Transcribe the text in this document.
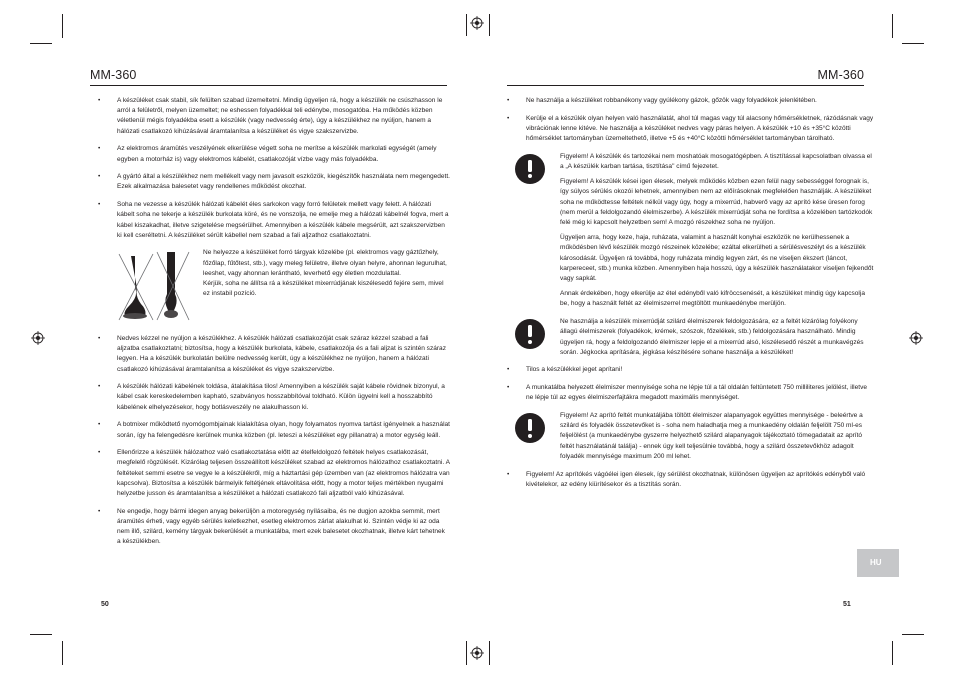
MM-360
•	A készüléket csak stabil, sík felülten szabad üzemeltetni. Mindig ügyeljen rá, hogy a készülék ne csúszhasson le arról a felületről, melyen üzemeltet; ne eshessen folyadékkal teli edénybe, mosogatóba. Ha működés közben véletlenül mégis folyadékba esett a készülék (vagy nedvesség érte), úgy a készülékhez ne nyúljon, hanem a hálózati csatlakozó kihúzásával áramtalanítsa a készüléket és vigye szakszervizbe.
•	Az elektromos áramütés veszélyének elkerülése végett soha ne merítse a készülék markolati egységét (amely egyben a motorház is) vagy elektromos kábelét, csatlakozóját vízbe vagy más folyadékba.
•	A gyártó által a készülékhez nem mellékelt vagy nem javasolt eszközök, kiegészítők használata nem megengedett. Ezek alkalmazása balesetet vagy rendellenes működést okozhat.
•	Soha ne vezesse a készülék hálózati kábelét éles sarkokon vagy forró felületek mellett vagy felett. A hálózati kábelt soha ne tekerje a készülék burkolata köré, és ne vonszolja, ne emelje meg a hálózati kábelnél fogva, mert a kábel kiszakadhat, illetve szigetelése megsérülhet. Amennyiben a készülék kábele megsérült, azt szakszervizben ki kell cseréltetni. A készüléket sérült kábellel nem szabad a fali aljzathoz csatlakoztatni.
Ne helyezze a készüléket forró tárgyak közelébe (pl. elektromos vagy gáztűzhely, főzőlap, fűtőtest, stb.), vagy meleg felületre, illetve olyan helyre, ahonnan legurulhat, leeshet, vagy ahonnan lerántható, leverhető egy életlen mozdulattal.
Kérjük, soha ne állítsa rá a készüléket mixerrúdjának kiszélesedő fejére sem, mivel ez instabil pozíció.
•	Nedves kézzel ne nyúljon a készülékhez. A készülék hálózati csatlakozóját csak száraz kézzel szabad a fali aljzatba csatlakoztatni; biztosítsa, hogy a készülék burkolata, kábele, csatlakozója és a fali aljzat is szintén száraz legyen. Ha a készülék burkolatán belülre nedvesség került, úgy a készülékhez ne nyúljon, hanem a hálózati csatlakozó kihúzásával áramtalanítsa a készüléket és vigye szakszervizbe.
•	A készülék hálózati kábelének toldása, átalakítása tilos! Amennyiben a készülék saját kábele rövidnek bizonyul, a kábel csak kereskedelemben kapható, szabványos hosszabbítóval toldható. Külön ügyelni kell a hosszabbító kábelének elhelyezésekor, hogy botlásveszély ne alakulhasson ki.
•	A botmixer működtető nyomógombjainak kialakítása olyan, hogy folyamatos nyomva tartást igényelnek a használat során, így ha felengedésre kerülnek munka közben (pl. leteszi a készüléket egy pillanatra) a motor egység leáll.
•	Ellenőrizze a készülék hálózathoz való csatlakoztatása előtt az ételfeldolgozó feltétek helyes csatlakozását, megfelelő rögzülését. Kizárólag teljesen összeállított készüléket szabad az elektromos hálózathoz csatlakoztatni. A feltéteket semmi esetre se vegye le a készülékről, míg a háztartási gép üzemben van (az elektromos hálózatra van kapcsolva). Biztosítsa a készülék bármelyik feltétjének eltávolítása előtt, hogy a motor teljes mértékben nyugalmi helyzetbe jusson és áramtalanítsa a készüléket a hálózati csatlakozó fali aljzatból való kihúzásával.
•	Ne engedje, hogy bármi idegen anyag bekerüljön a motoregység nyílásaiba, és ne dugjon azokba semmit, mert áramütés érheti, vagy egyéb sérülés keletkezhet, esetleg elektromos zárlat alakulhat ki. Szintén védje ki az oda nem illő, szilárd, kemény tárgyak bekerülését a munkatálba, mert ezek balesetet okozhatnak, illetve kárt tehetnek a készülékben.
50
MM-360
•	Ne használja a készüléket robbanékony vagy gyúlékony gázok, gőzök vagy folyadékok jelenlétében.
•	Kerülje el a készülék olyan helyen való használatát, ahol túl magas vagy túl alacsony hőmérsékletnek, rázódásnak vagy vibrációnak lenne kitéve. Ne használja a készüléket nedves vagy páras helyen. A készülék +10 és +35°C közötti hőmérséklet tartományban üzemeltethető, illetve +5 és +40°C közötti hőmérséklet tartományban tárolható.
Figyelem! A készülék és tartozékai nem moshatóak mosogatógépben. A tisztítással kapcsolatban olvassa el a „A készülék karban tartása, tisztítása" című fejezetet.
Figyelem! A készülék kései igen élesek, melyek működés közben ezen felül nagy sebességgel forognak is, így súlyos sérülés okozói lehetnek, amennyiben nem az előírásoknak megfelelően használják. A készüléket soha ne működtesse feltétek nélkül vagy úgy, hogy a mixerrúd, habverő vagy az aprító kése üresen forog (nem merül a feldolgozandó élelmiszerbe). A készülék mixerrúdját soha ne fordítsa a közelében tartózkodók felé még ki kapcsolt helyzetben sem! A mozgó részekhez soha ne nyúljon.
Ügyeljen arra, hogy keze, haja, ruházata, valamint a használt konyhai eszközök ne kerülhessenek a működésben lévő készülék mozgó részeinek közelébe; ezáltal elkerülheti a sérülésveszélyt és a készülék károsodását. Ügyeljen rá továbbá, hogy ruházata mindig legyen zárt, és ne viseljen ékszert (láncot, karpereceet, stb.) munka közben. Amennyiben haja hosszú, úgy a készülék használatakor viseljen fejkendőt vagy sapkát.
Annak érdekében, hogy elkerülje az étel edényből való kifröccsenését, a készüléket mindig úgy kapcsolja be, hogy a használt feltét az élelmiszerrel megtöltött munkaedénybe merüljön.
Ne használja a készülék mixerrúdját szilárd élelmiszerek feldolgozására, ez a feltét kizárólag folyékony állagú élelmiszerek (folyadékok, krémek, szószok, főzelékek, stb.) feldolgozására használható. Mindig ügyeljen rá, hogy a feldolgozandó élelmiszer lepje el a mixerrúd alsó, kiszélesedő részét a munkavégzés során. Jégkocka aprítására, jégkása készítésére sohane használja a készüléket!
•	Tilos a készülékkel jeget aprítani!
•	A munkatálba helyezett élelmiszer mennyisége soha ne lépje túl a tál oldalán feltüntetett 750 milliliteres jelölést, illetve ne lépje túl az egyes élelmiszerfajtákra megadott maximális mennyiséget.
Figyelem! Az aprító feltét munkatáljába töltött élelmiszer alapanyagok együttes mennyisége - beleértve a szilárd és folyadék összetevőket is - soha nem haladhatja meg a munkaedény oldalán feljelölt 750 ml-es feljelölést (a munkaedénybe gyszerre helyezhető szilárd alapanyagok tájékoztató tömegadatait az aprító feltét használatánál találja) - ennek úgy kell teljesülnie továbbá, hogy a szilárd összetevőkhöz adagolt folyadék mennyisége maximum 200 ml lehet.
•	Figyelem! Az aprítókés vágóélei igen élesek, így sérülést okozhatnak, különösen ügyeljen az aprítókés edényből való kivételekor, az edény kiürítésekor és a tisztítás során.
HU
51
